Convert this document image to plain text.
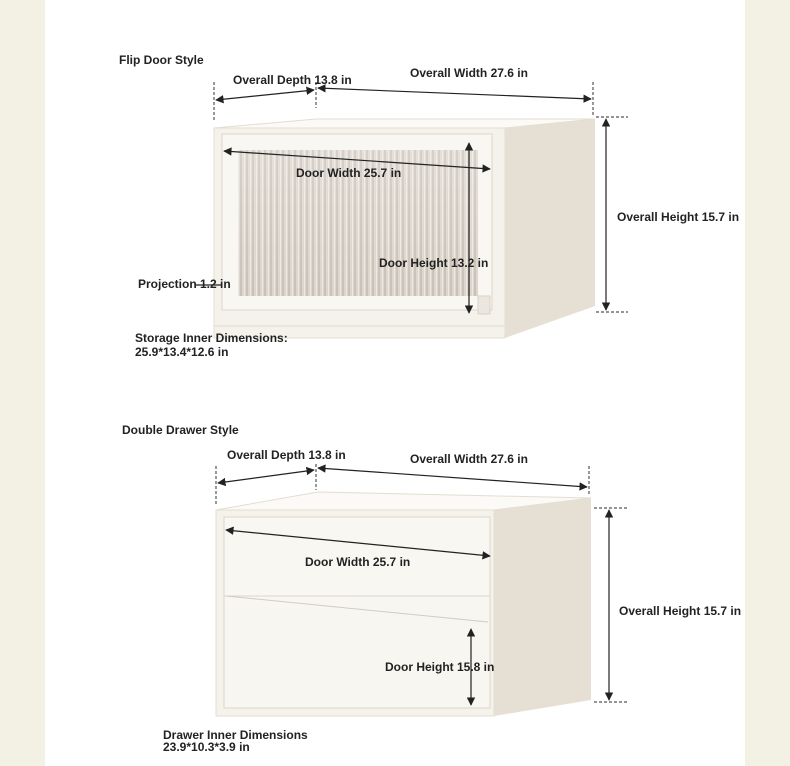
Flip Door Style
Overall Depth 13.8 in	Overall Width 27.6 in
Door Width 25.7 in
Door Height 13.2 in
Overall Height 15.7 in
Projection 1.2 in
Storage Inner Dimensions:
25.9*13.4*12.6 in
Double Drawer Style
Overall Depth 13.8 in	Overall Width 27.6 in
Door Width 25.7 in
Door Height 15.8 in
Overall Height 15.7 in
Drawer Inner Dimensions
23.9*10.3*3.9 in
